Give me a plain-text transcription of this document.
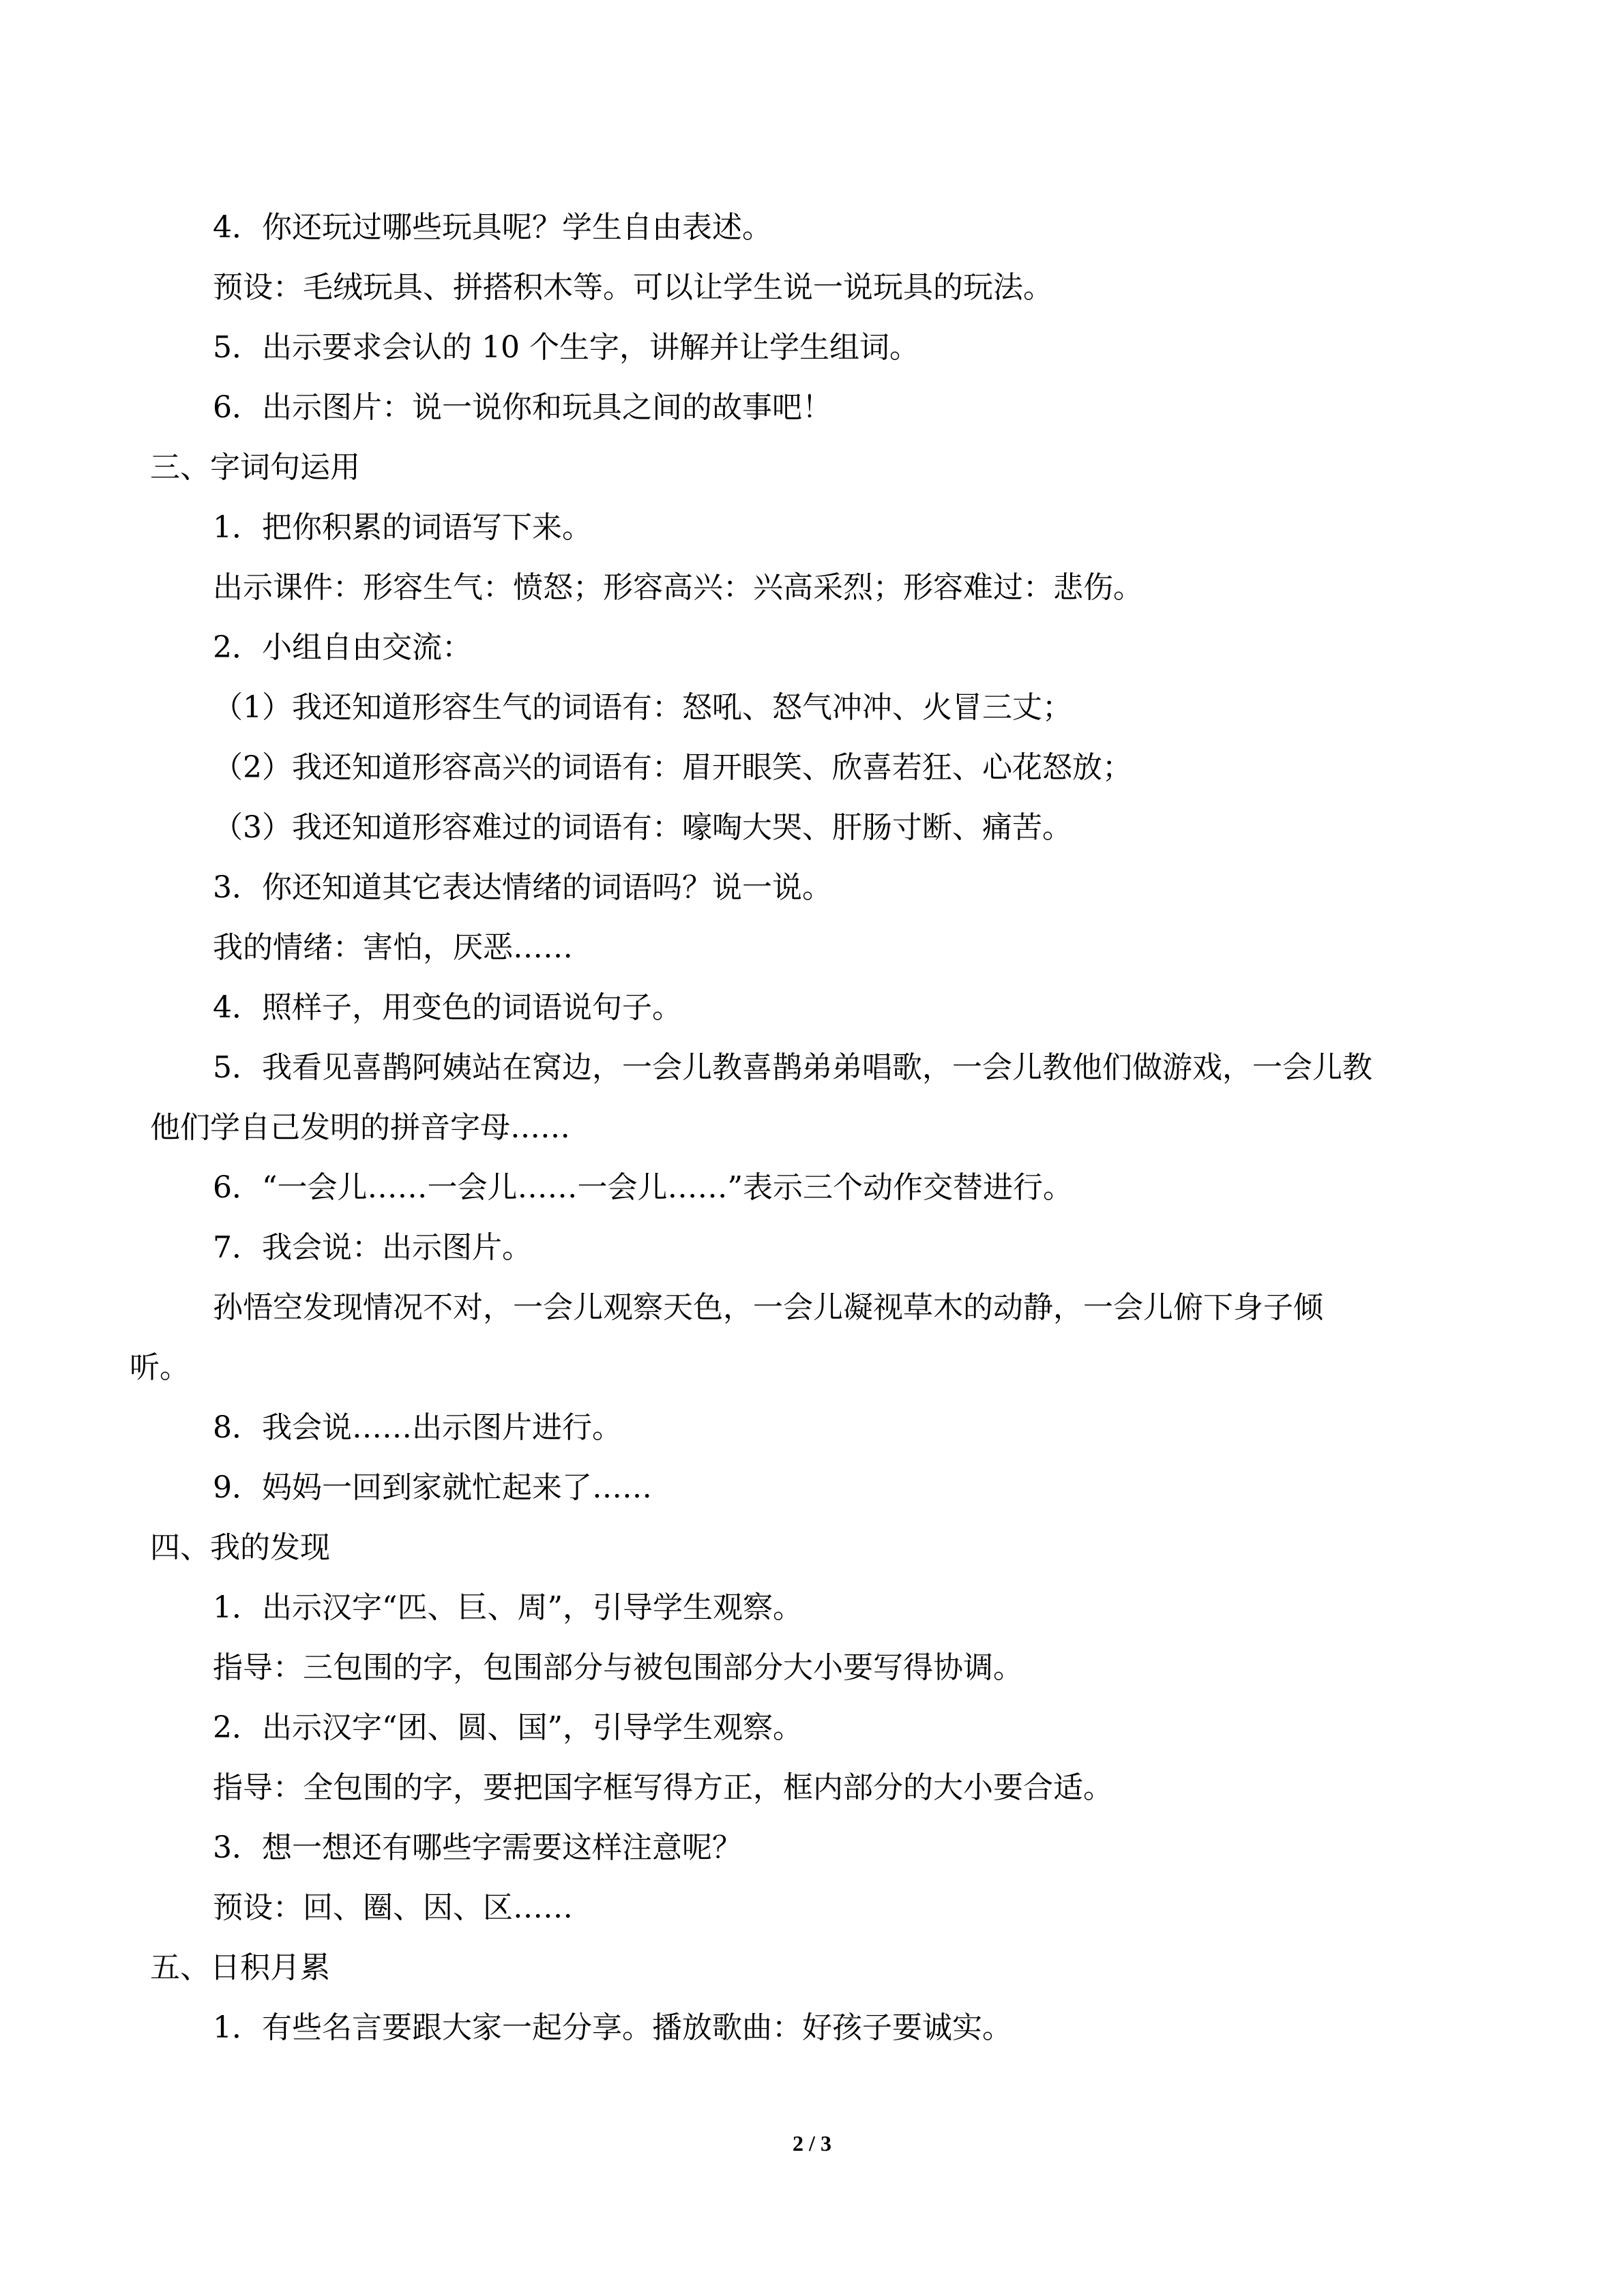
4．你还玩过哪些玩具呢？学生自由表述。

预设：毛绒玩具、拼搭积木等。可以让学生说一说玩具的玩法。

5．出示要求会认的 10 个生字，讲解并让学生组词。

6．出示图片：说一说你和玩具之间的故事吧！

三、字词句运用

1．把你积累的词语写下来。

出示课件：形容生气：愤怒；形容高兴：兴高采烈；形容难过：悲伤。

2．小组自由交流：

（1）我还知道形容生气的词语有：怒吼、怒气冲冲、火冒三丈；

（2）我还知道形容高兴的词语有：眉开眼笑、欣喜若狂、心花怒放；

（3）我还知道形容难过的词语有：嚎啕大哭、肝肠寸断、痛苦。

3．你还知道其它表达情绪的词语吗？说一说。

我的情绪：害怕，厌恶……

4．照样子，用变色的词语说句子。

5．我看见喜鹊阿姨站在窝边，一会儿教喜鹊弟弟唱歌，一会儿教他们做游戏，一会儿教

他们学自己发明的拼音字母……

6．“一会儿……一会儿……一会儿……”表示三个动作交替进行。

7．我会说：出示图片。

孙悟空发现情况不对，一会儿观察天色，一会儿凝视草木的动静，一会儿俯下身子倾

听。

8．我会说……出示图片进行。

9．妈妈一回到家就忙起来了……

四、我的发现

1．出示汉字“匹、巨、周”，引导学生观察。

指导：三包围的字，包围部分与被包围部分大小要写得协调。

2．出示汉字“团、圆、国”，引导学生观察。

指导：全包围的字，要把国字框写得方正，框内部分的大小要合适。

3．想一想还有哪些字需要这样注意呢？

预设：回、圈、因、区……

五、日积月累

1．有些名言要跟大家一起分享。播放歌曲：好孩子要诚实。

2 / 3
